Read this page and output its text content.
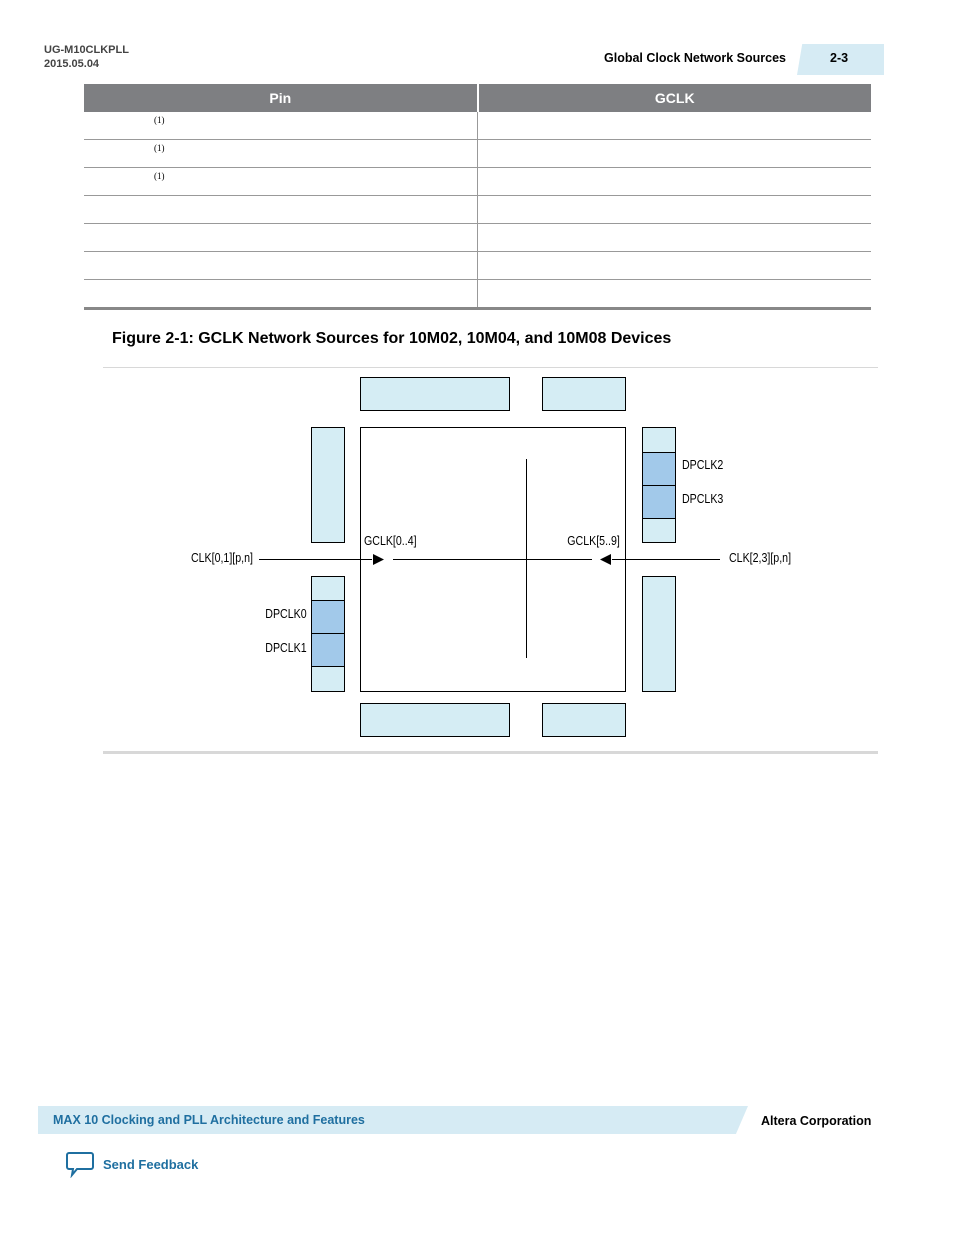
UG-M10CLKPLL
2015.05.04	Global Clock Network Sources	2-3
Pin	GCLK
(1)	
(1)	
(1)	

Figure 2-1: GCLK Network Sources for 10M02, 10M04, and 10M08 Devices
CLK[0,1][p,n]	CLK[2,3][p,n]
GCLK[0..4]	GCLK[5..9]
DPCLK0
DPCLK1
DPCLK2
DPCLK3
MAX 10 Clocking and PLL Architecture and Features	Altera Corporation
Send Feedback
